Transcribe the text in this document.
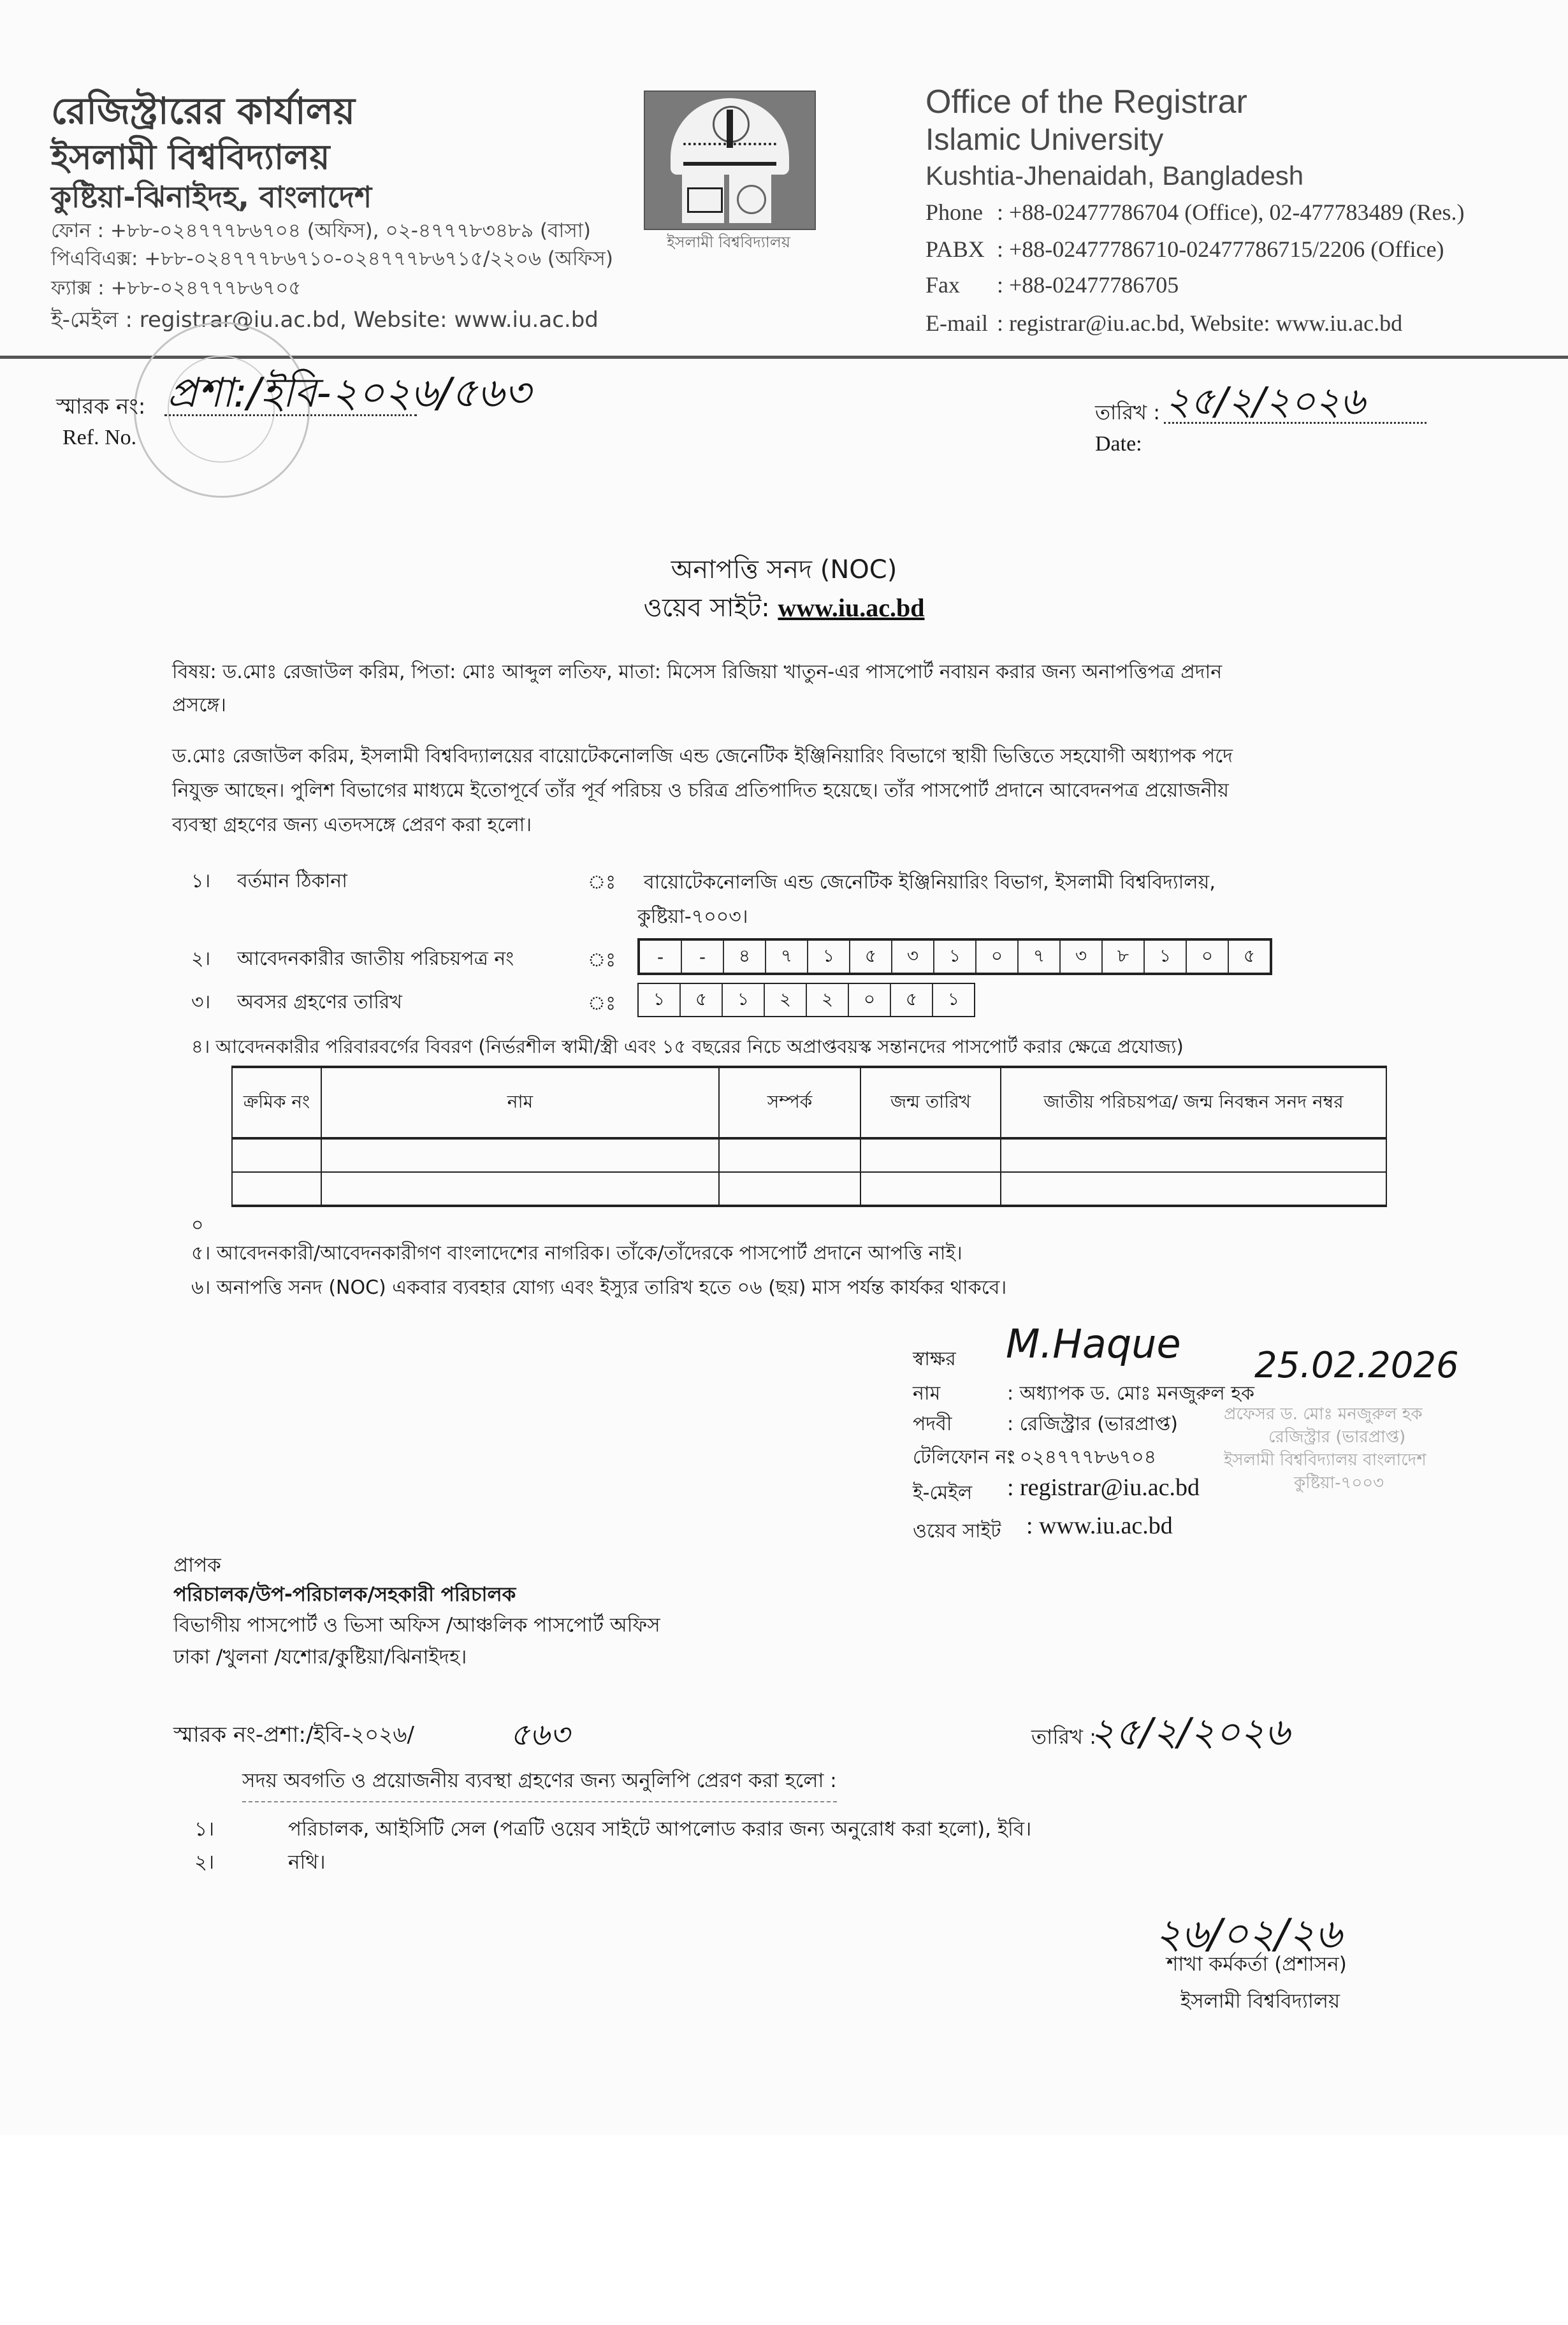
রেজিস্ট্রারের কার্যালয়
ইসলামী বিশ্ববিদ্যালয়
কুষ্টিয়া-ঝিনাইদহ, বাংলাদেশ
ফোন : +৮৮-০২৪৭৭৭৮৬৭০৪ (অফিস), ০২-৪৭৭৭৮৩৪৮৯ (বাসা)
পিএবিএক্স: +৮৮-০২৪৭৭৭৮৬৭১০-০২৪৭৭৭৮৬৭১৫/২২০৬ (অফিস)
ফ্যাক্স : +৮৮-০২৪৭৭৭৮৬৭০৫
ই-মেইল : registrar@iu.ac.bd, Website: www.iu.ac.bd
ইসলামী বিশ্ববিদ্যালয়
Office of the Registrar
Islamic University
Kushtia-Jhenaidah, Bangladesh
Phone : +88-02477786704 (Office), 02-477783489 (Res.)
PABX : +88-02477786710-02477786715/2206 (Office)
Fax : +88-02477786705
E-mail : registrar@iu.ac.bd, Website: www.iu.ac.bd
স্মারক নং:
Ref. No.
প্রশা:/ইবি-২০২৬/৫৬৩	তারিখ :
Date:
২৫/২/২০২৬
অনাপত্তি সনদ (NOC)
ওয়েব সাইট: www.iu.ac.bd
বিষয়: ড.মোঃ রেজাউল করিম, পিতা: মোঃ আব্দুল লতিফ, মাতা: মিসেস রিজিয়া খাতুন-এর পাসপোর্ট নবায়ন করার জন্য অনাপত্তিপত্র প্রদান
প্রসঙ্গে।
ড.মোঃ রেজাউল করিম, ইসলামী বিশ্ববিদ্যালয়ের বায়োটেকনোলজি এন্ড জেনেটিক ইঞ্জিনিয়ারিং বিভাগে স্থায়ী ভিত্তিতে সহযোগী অধ্যাপক পদে
নিযুক্ত আছেন। পুলিশ বিভাগের মাধ্যমে ইতোপূর্বে তাঁর পূর্ব পরিচয় ও চরিত্র প্রতিপাদিত হয়েছে। তাঁর পাসপোর্ট প্রদানে আবেদনপত্র প্রয়োজনীয়
ব্যবস্থা গ্রহণের জন্য এতদসঙ্গে প্রেরণ করা হলো।
১। বর্তমান ঠিকানা	ঃ বায়োটেকনোলজি এন্ড জেনেটিক ইঞ্জিনিয়ারিং বিভাগ, ইসলামী বিশ্ববিদ্যালয়,
কুষ্টিয়া-৭০০৩।
২। আবেদনকারীর জাতীয় পরিচয়পত্র নং	ঃ	-	-	৪	৭	১	৫	৩	১	০	৭	৩	৮	১	০	৫
৩। অবসর গ্রহণের তারিখ	ঃ	১	৫	১	২	২	০	৫	১
৪। আবেদনকারীর পরিবারবর্গের বিবরণ (নির্ভরশীল স্বামী/স্ত্রী এবং ১৫ বছরের নিচে অপ্রাপ্তবয়স্ক সন্তানদের পাসপোর্ট করার ক্ষেত্রে প্রযোজ্য)
ক্রমিক নং	নাম	সম্পর্ক	জন্ম তারিখ	জাতীয় পরিচয়পত্র/ জন্ম নিবন্ধন সনদ নম্বর

০
৫। আবেদনকারী/আবেদনকারীগণ বাংলাদেশের নাগরিক। তাঁকে/তাঁদেরকে পাসপোর্ট প্রদানে আপত্তি নাই।
৬। অনাপত্তি সনদ (NOC) একবার ব্যবহার যোগ্য এবং ইস্যুর তারিখ হতে ০৬ (ছয়) মাস পর্যন্ত কার্যকর থাকবে।
M.Haque 25.02.2026
স্বাক্ষর
নাম	: অধ্যাপক ড. মোঃ মনজুরুল হক
পদবী	: রেজিস্ট্রার (ভারপ্রাপ্ত)
টেলিফোন নং
: ০২৪৭৭৭৮৬৭০৪
ই-মেইল : registrar@iu.ac.bd
ওয়েব সাইট : www.iu.ac.bd
প্রফেসর ড. মোঃ মনজুরুল হক
রেজিস্ট্রার (ভারপ্রাপ্ত)
ইসলামী বিশ্ববিদ্যালয় বাংলাদেশ
কুষ্টিয়া-৭০০৩
প্রাপক
পরিচালক/উপ-পরিচালক/সহকারী পরিচালক
বিভাগীয় পাসপোর্ট ও ভিসা অফিস /আঞ্চলিক পাসপোর্ট অফিস
ঢাকা /খুলনা /যশোর/কুষ্টিয়া/ঝিনাইদহ।
স্মারক নং-প্রশা:/ইবি-২০২৬/	৫৬৩	তারিখ :
২৫/২/২০২৬
সদয় অবগতি ও প্রয়োজনীয় ব্যবস্থা গ্রহণের জন্য অনুলিপি প্রেরণ করা হলো :
১।	পরিচালক, আইসিটি সেল (পত্রটি ওয়েব সাইটে আপলোড করার জন্য অনুরোধ করা হলো), ইবি।
২।	নথি।
২৬/০২/২৬
শাখা কর্মকর্তা (প্রশাসন)
ইসলামী বিশ্ববিদ্যালয়
